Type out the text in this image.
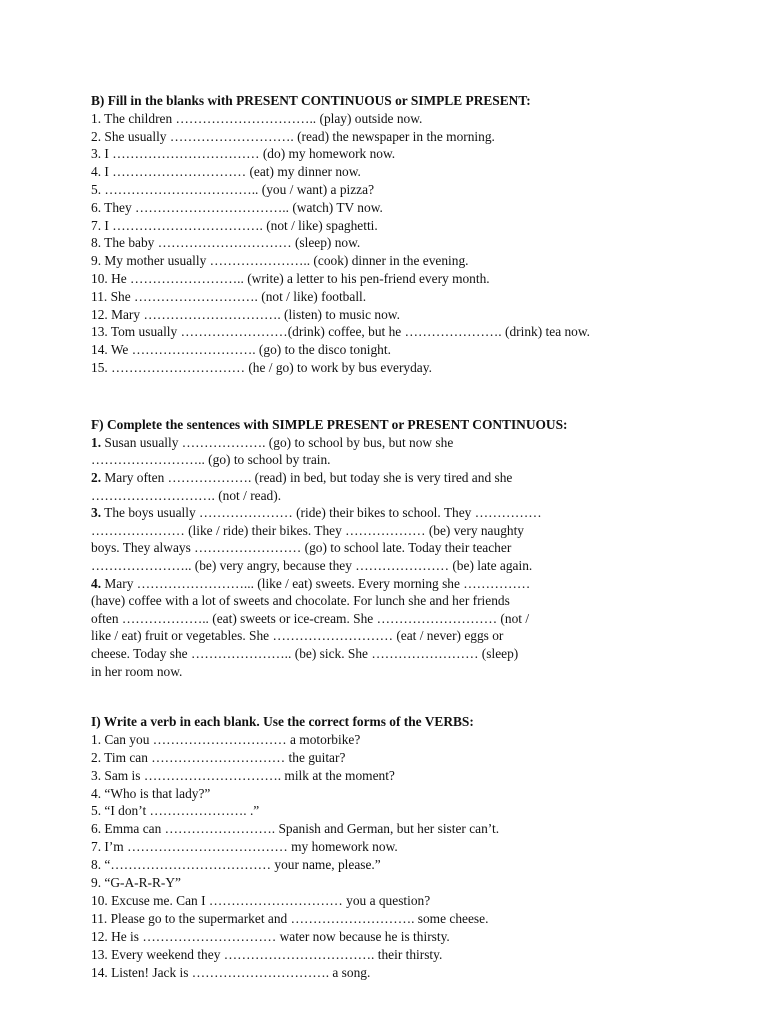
B) Fill in the blanks with PRESENT CONTINUOUS or SIMPLE PRESENT:
1. The children ………………………….. (play) outside now.
2. She usually ………………………. (read) the newspaper in the morning.
3. I …………………………… (do) my homework now.
4. I ………………………… (eat) my dinner now.
5. …………………………….. (you / want) a pizza?
6. They …………………………….. (watch) TV now.
7. I ……………………………. (not / like) spaghetti.
8. The baby ………………………… (sleep) now.
9. My mother usually ………………….. (cook) dinner in the evening.
10. He …………………….. (write) a letter to his pen-friend every month.
11. She ………………………. (not / like) football.
12. Mary …………………………. (listen) to music now.
13. Tom usually ……………………(drink) coffee, but he …………………. (drink) tea now.
14. We ………………………. (go) to the disco tonight.
15. ………………………… (he / go) to work by bus everyday.
F) Complete the sentences with SIMPLE PRESENT or PRESENT CONTINUOUS:
1. Susan usually ………………. (go) to school by bus, but now she
…………………….. (go) to school by train.
2. Mary often ………………. (read) in bed, but today she is very tired and she
………………………. (not / read).
3. The boys usually ………………… (ride) their bikes to school. They ……………
………………… (like / ride) their bikes. They ……………… (be) very naughty
boys. They always …………………… (go) to school late. Today their teacher
………………….. (be) very angry, because they ………………… (be) late again.
4. Mary ……………………... (like / eat) sweets. Every morning she ……………
(have) coffee with a lot of sweets and chocolate. For lunch she and her friends
often ……………….. (eat) sweets or ice-cream. She ……………………… (not /
like / eat) fruit or vegetables. She ……………………… (eat / never) eggs or
cheese. Today she ………………….. (be) sick. She …………………… (sleep)
in her room now.
I) Write a verb in each blank. Use the correct forms of the VERBS:
1. Can you ………………………… a motorbike?
2. Tim can ………………………… the guitar?
3. Sam is …………………………. milk at the moment?
4. “Who is that lady?”
5. “I don’t …………………. .”
6. Emma can ……………………. Spanish and German, but her sister can’t.
7. I’m ……………………………… my homework now.
8. “……………………………… your name, please.”
9. “G-A-R-R-Y”
10. Excuse me. Can I ………………………… you a question?
11. Please go to the supermarket and ………………………. some cheese.
12. He is ………………………… water now because he is thirsty.
13. Every weekend they ……………………………. their thirsty.
14. Listen! Jack is …………………………. a song.
